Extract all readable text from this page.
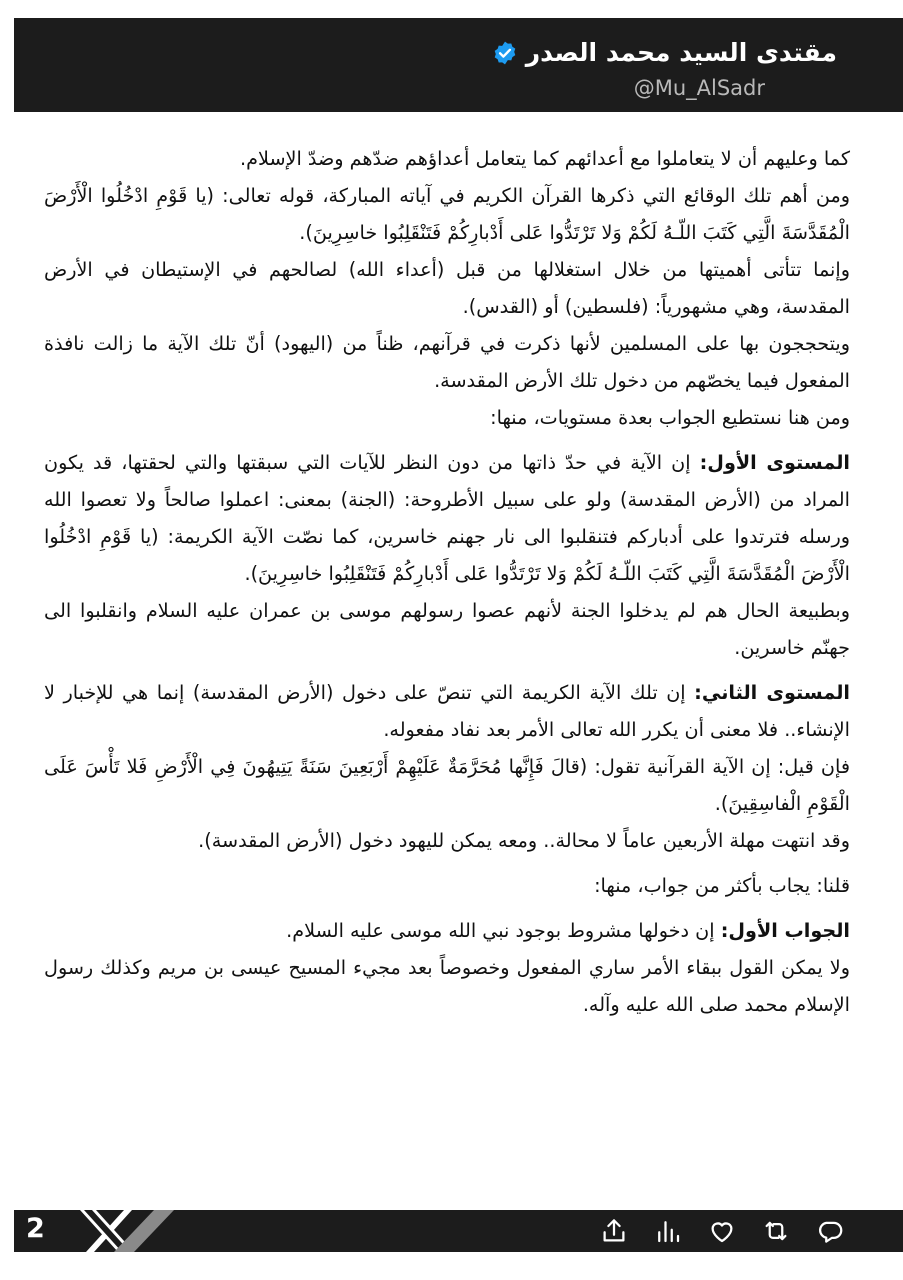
مقتدى السيد محمد الصدر
@Mu_AlSadr

كما وعليهم أن لا يتعاملوا مع أعدائهم كما يتعامل أعداؤهم ضدّهم وضدّ الإسلام.

ومن أهم تلك الوقائع التي ذكرها القرآن الكريم في آياته المباركة، قوله تعالى: (يا قَوْمِ ادْخُلُوا الْأَرْضَ الْمُقَدَّسَةَ الَّتِي كَتَبَ اللّـهُ لَكُمْ وَلا تَرْتَدُّوا عَلى أَدْبارِكُمْ فَتَنْقَلِبُوا خاسِرِينَ).

وإنما تتأتى أهميتها من خلال استغلالها من قبل (أعداء الله) لصالحهم في الإستيطان في الأرض المقدسة، وهي مشهورياً: (فلسطين) أو (القدس).

ويتحججون بها على المسلمين لأنها ذكرت في قرآنهم، ظناً من (اليهود) أنّ تلك الآية ما زالت نافذة المفعول فيما يخصّهم من دخول تلك الأرض المقدسة.

ومن هنا نستطيع الجواب بعدة مستويات، منها:

المستوى الأول: إن الآية في حدّ ذاتها من دون النظر للآيات التي سبقتها والتي لحقتها، قد يكون المراد من (الأرض المقدسة) ولو على سبيل الأطروحة: (الجنة) بمعنى: اعملوا صالحاً ولا تعصوا الله ورسله فترتدوا على أدباركم فتنقلبوا الى نار جهنم خاسرين، كما نصّت الآية الكريمة: (يا قَوْمِ ادْخُلُوا الْأَرْضَ الْمُقَدَّسَةَ الَّتِي كَتَبَ اللّـهُ لَكُمْ وَلا تَرْتَدُّوا عَلى أَدْبارِكُمْ فَتَنْقَلِبُوا خاسِرِينَ).

وبطبيعة الحال هم لم يدخلوا الجنة لأنهم عصوا رسولهم موسى بن عمران عليه السلام وانقلبوا الى جهنّم خاسرين.

المستوى الثاني: إن تلك الآية الكريمة التي تنصّ على دخول (الأرض المقدسة) إنما هي للإخبار لا الإنشاء.. فلا معنى أن يكرر الله تعالى الأمر بعد نفاد مفعوله.

فإن قيل: إن الآية القرآنية تقول: (قالَ فَإِنَّها مُحَرَّمَةٌ عَلَيْهِمْ أَرْبَعِينَ سَنَةً يَتِيهُونَ فِي الْأَرْضِ فَلا تَأْسَ عَلَى الْقَوْمِ الْفاسِقِينَ).

وقد انتهت مهلة الأربعين عاماً لا محالة.. ومعه يمكن لليهود دخول (الأرض المقدسة).

قلنا: يجاب بأكثر من جواب، منها:

الجواب الأول: إن دخولها مشروط بوجود نبي الله موسى عليه السلام.

ولا يمكن القول ببقاء الأمر ساري المفعول وخصوصاً بعد مجيء المسيح عيسى بن مريم وكذلك رسول الإسلام محمد صلى الله عليه وآله.

2
